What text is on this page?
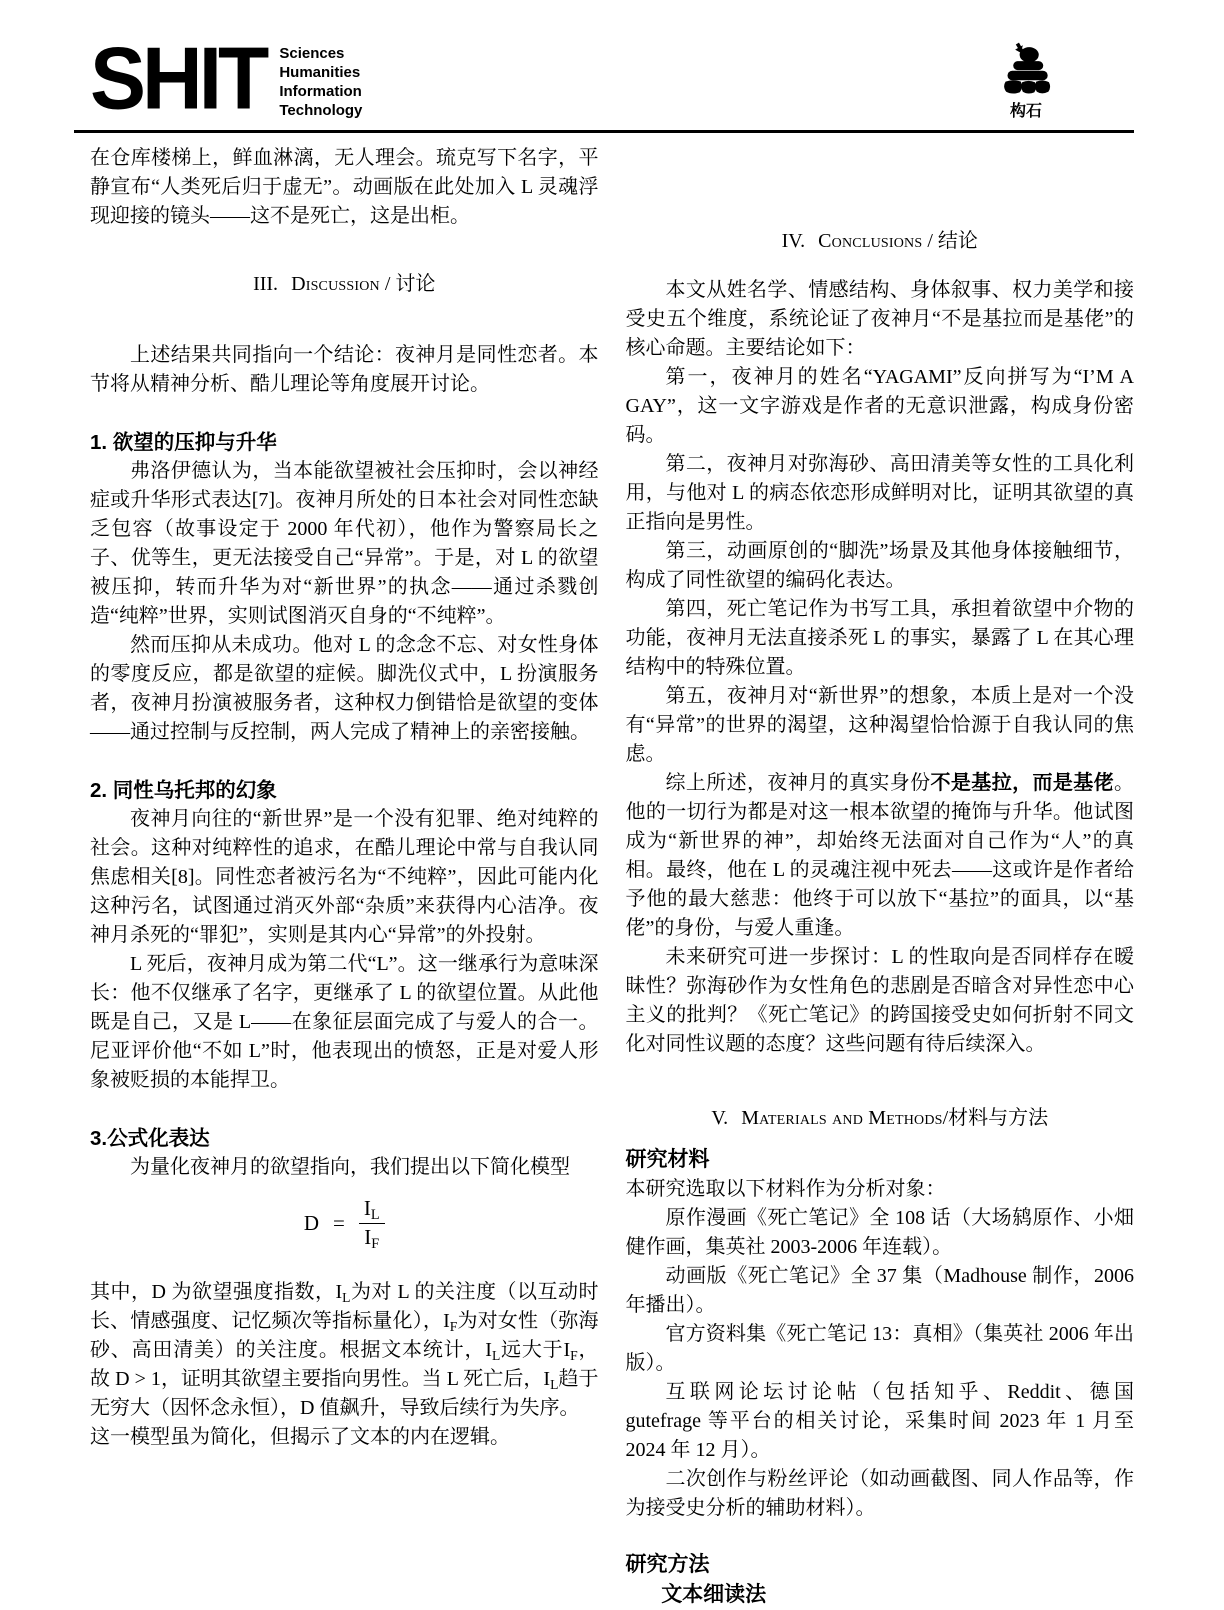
SHIT Sciences
Humanities
Information
Technology	构石

在仓库楼梯上，鲜血淋漓，无人理会。琉克写下名字，平静宣布“人类死后归于虚无”。动画版在此处加入 L 灵魂浮现迎接的镜头——这不是死亡，这是出柜。

III. Discussion / 讨论

上述结果共同指向一个结论：夜神月是同性恋者。本节将从精神分析、酷儿理论等角度展开讨论。

1. 欲望的压抑与升华

弗洛伊德认为，当本能欲望被社会压抑时，会以神经症或升华形式表达[7]。夜神月所处的日本社会对同性恋缺乏包容（故事设定于 2000 年代初），他作为警察局长之子、优等生，更无法接受自己“异常”。于是，对 L 的欲望被压抑，转而升华为对“新世界”的执念——通过杀戮创造“纯粹”世界，实则试图消灭自身的“不纯粹”。

然而压抑从未成功。他对 L 的念念不忘、对女性身体的零度反应，都是欲望的症候。脚洗仪式中，L 扮演服务者，夜神月扮演被服务者，这种权力倒错恰是欲望的变体——通过控制与反控制，两人完成了精神上的亲密接触。

2. 同性乌托邦的幻象

夜神月向往的“新世界”是一个没有犯罪、绝对纯粹的社会。这种对纯粹性的追求，在酷儿理论中常与自我认同焦虑相关[8]。同性恋者被污名为“不纯粹”，因此可能内化这种污名，试图通过消灭外部“杂质”来获得内心洁净。夜神月杀死的“罪犯”，实则是其内心“异常”的外投射。

L 死后，夜神月成为第二代“L”。这一继承行为意味深长：他不仅继承了名字，更继承了 L 的欲望位置。从此他既是自己，又是 L——在象征层面完成了与爱人的合一。尼亚评价他“不如 L”时，他表现出的愤怒，正是对爱人形象被贬损的本能捍卫。

3.公式化表达

为量化夜神月的欲望指向，我们提出以下简化模型

$D = \frac{I_L}{I_F}$

其中，D 为欲望强度指数，$I_L$为对 L 的关注度（以互动时长、情感强度、记忆频次等指标量化），$I_F$为对女性（弥海砂、高田清美）的关注度。根据文本统计，$I_L$远大于$I_F$，故 D > 1，证明其欲望主要指向男性。当 L 死亡后，$I_L$趋于无穷大（因怀念永恒），D 值飙升，导致后续行为失序。

这一模型虽为简化，但揭示了文本的内在逻辑。

IV. Conclusions / 结论

本文从姓名学、情感结构、身体叙事、权力美学和接受史五个维度，系统论证了夜神月“不是基拉而是基佬”的核心命题。主要结论如下：

第一，夜神月的姓名“YAGAMI”反向拼写为“I’M A GAY”，这一文字游戏是作者的无意识泄露，构成身份密码。

第二，夜神月对弥海砂、高田清美等女性的工具化利用，与他对 L 的病态依恋形成鲜明对比，证明其欲望的真正指向是男性。

第三，动画原创的“脚洗”场景及其他身体接触细节，构成了同性欲望的编码化表达。

第四，死亡笔记作为书写工具，承担着欲望中介物的功能，夜神月无法直接杀死 L 的事实，暴露了 L 在其心理结构中的特殊位置。

第五，夜神月对“新世界”的想象，本质上是对一个没有“异常”的世界的渴望，这种渴望恰恰源于自我认同的焦虑。

综上所述，夜神月的真实身份不是基拉，而是基佬。他的一切行为都是对这一根本欲望的掩饰与升华。他试图成为“新世界的神”，却始终无法面对自己作为“人”的真相。最终，他在 L 的灵魂注视中死去——这或许是作者给予他的最大慈悲：他终于可以放下“基拉”的面具，以“基佬”的身份，与爱人重逢。

未来研究可进一步探讨：L 的性取向是否同样存在暧昧性？弥海砂作为女性角色的悲剧是否暗含对异性恋中心主义的批判？《死亡笔记》的跨国接受史如何折射不同文化对同性议题的态度？这些问题有待后续深入。

V. Materials and Methods/材料与方法
研究材料

本研究选取以下材料作为分析对象：

原作漫画《死亡笔记》全 108 话（大场鸫原作、小畑健作画，集英社 2003-2006 年连载）。

动画版《死亡笔记》全 37 集（Madhouse 制作，2006 年播出）。

官方资料集《死亡笔记 13：真相》（集英社 2006 年出版）。

互联网论坛讨论帖（包括知乎、Reddit、德国 gutefrage 等平台的相关讨论，采集时间 2023 年 1 月至 2024 年 12 月）。

二次创作与粉丝评论（如动画截图、同人作品等，作为接受史分析的辅助材料）。

研究方法
文本细读法
